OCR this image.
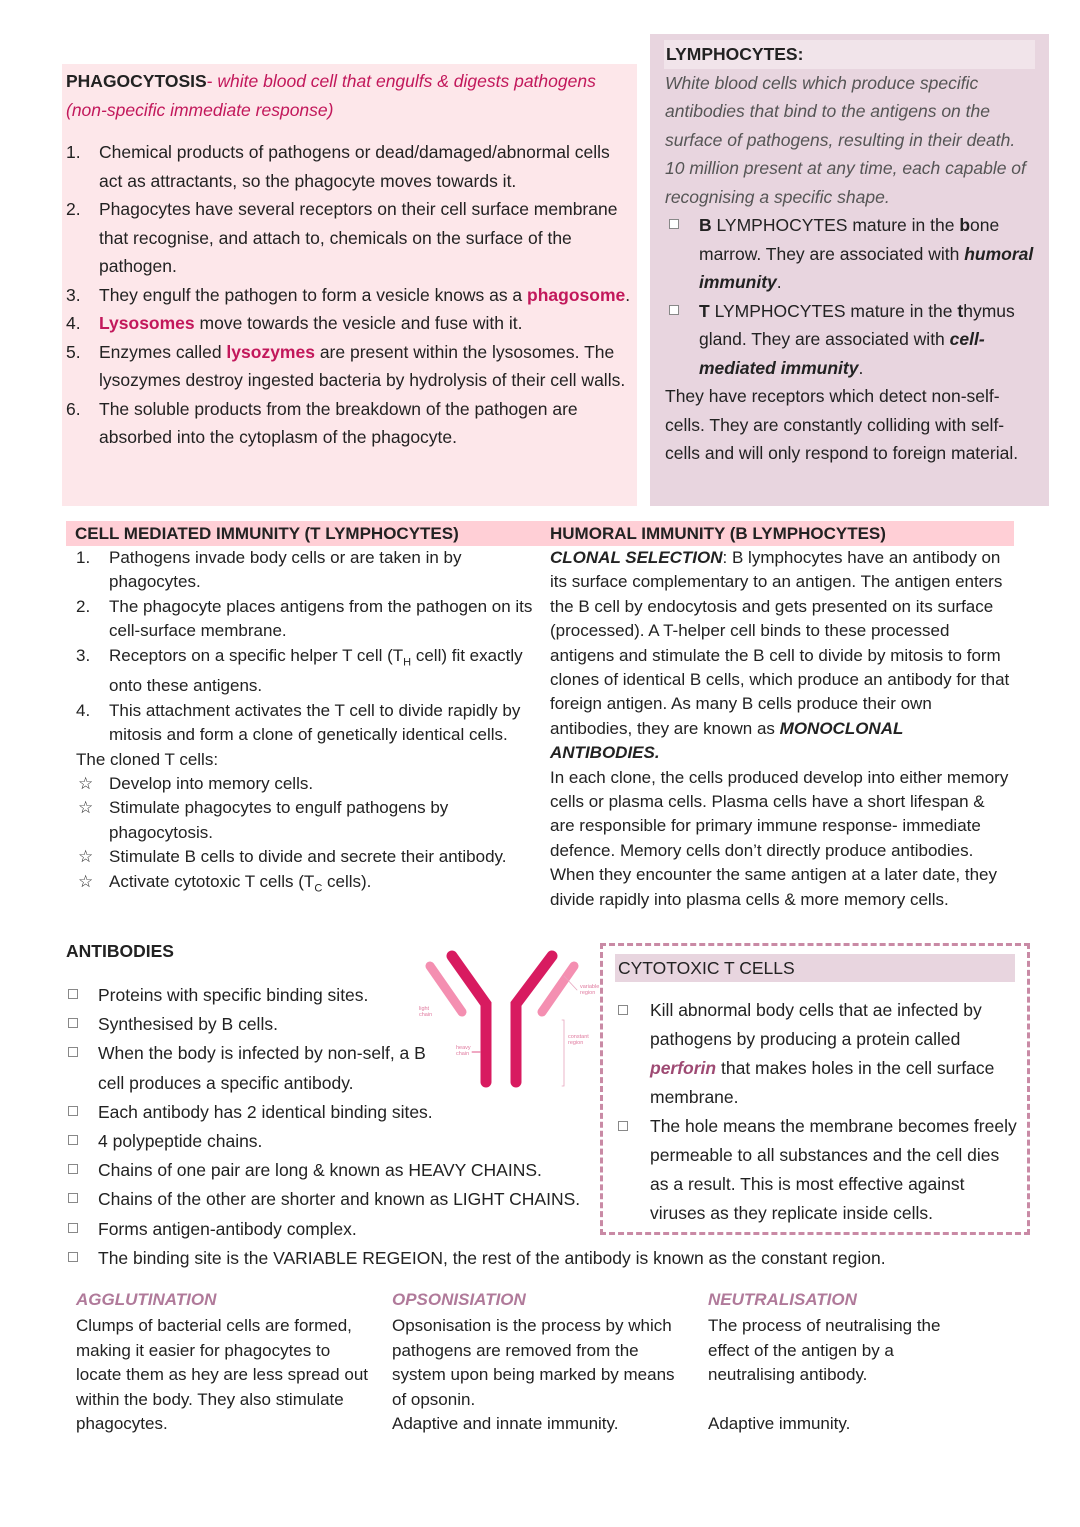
PHAGOCYTOSIS- white blood cell that engulfs & digests pathogens
(non-specific immediate response)
1. Chemical products of pathogens or dead/damaged/abnormal cells act as attractants, so the phagocyte moves towards it.
2. Phagocytes have several receptors on their cell surface membrane that recognise, and attach to, chemicals on the surface of the pathogen.
3. They engulf the pathogen to form a vesicle knows as a phagosome.
4. Lysosomes move towards the vesicle and fuse with it.
5. Enzymes called lysozymes are present within the lysosomes. The lysozymes destroy ingested bacteria by hydrolysis of their cell walls.
6. The soluble products from the breakdown of the pathogen are absorbed into the cytoplasm of the phagocyte.
LYMPHOCYTES:
White blood cells which produce specific antibodies that bind to the antigens on the surface of pathogens, resulting in their death. 10 million present at any time, each capable of recognising a specific shape.
B LYMPHOCYTES mature in the bone marrow. They are associated with humoral immunity.
T LYMPHOCYTES mature in the thymus gland. They are associated with cell-mediated immunity.
They have receptors which detect non-self-cells. They are constantly colliding with self-cells and will only respond to foreign material.
CELL MEDIATED IMMUNITY (T LYMPHOCYTES)
1. Pathogens invade body cells or are taken in by phagocytes.
2. The phagocyte places antigens from the pathogen on its cell-surface membrane.
3. Receptors on a specific helper T cell ($T_H$ cell) fit exactly onto these antigens.
4. This attachment activates the T cell to divide rapidly by mitosis and form a clone of genetically identical cells.
The cloned T cells:
☆ Develop into memory cells.
☆ Stimulate phagocytes to engulf pathogens by phagocytosis.
☆ Stimulate B cells to divide and secrete their antibody.
☆ Activate cytotoxic T cells ($T_C$ cells).
HUMORAL IMMUNITY (B LYMPHOCYTES)
CLONAL SELECTION: B lymphocytes have an antibody on its surface complementary to an antigen. The antigen enters the B cell by endocytosis and gets presented on its surface (processed). A T-helper cell binds to these processed antigens and stimulate the B cell to divide by mitosis to form clones of identical B cells, which produce an antibody for that foreign antigen. As many B cells produce their own antibodies, they are known as MONOCLONAL ANTIBODIES.
In each clone, the cells produced develop into either memory cells or plasma cells. Plasma cells have a short lifespan & are responsible for primary immune response- immediate defence. Memory cells don’t directly produce antibodies. When they encounter the same antigen at a later date, they divide rapidly into plasma cells & more memory cells.
ANTIBODIES
Proteins with specific binding sites.
Synthesised by B cells.
When the body is infected by non-self, a B cell produces a specific antibody.
Each antibody has 2 identical binding sites.
4 polypeptide chains.
Chains of one pair are long & known as HEAVY CHAINS.
Chains of the other are shorter and known as LIGHT CHAINS.
Forms antigen-antibody complex.
The binding site is the VARIABLE REGEION, the rest of the antibody is known as the constant region.
light chain
heavy chain
variable region
constant region
CYTOTOXIC T CELLS
Kill abnormal body cells that ae infected by pathogens by producing a protein called perforin that makes holes in the cell surface membrane.
The hole means the membrane becomes freely permeable to all substances and the cell dies as a result. This is most effective against viruses as they replicate inside cells.
AGGLUTINATION
Clumps of bacterial cells are formed, making it easier for phagocytes to locate them as hey are less spread out within the body. They also stimulate phagocytes.
OPSONISIATION
Opsonisation is the process by which pathogens are removed from the system upon being marked by means of opsonin.
Adaptive and innate immunity.
NEUTRALISATION
The process of neutralising the effect of the antigen by a neutralising antibody.
Adaptive immunity.
